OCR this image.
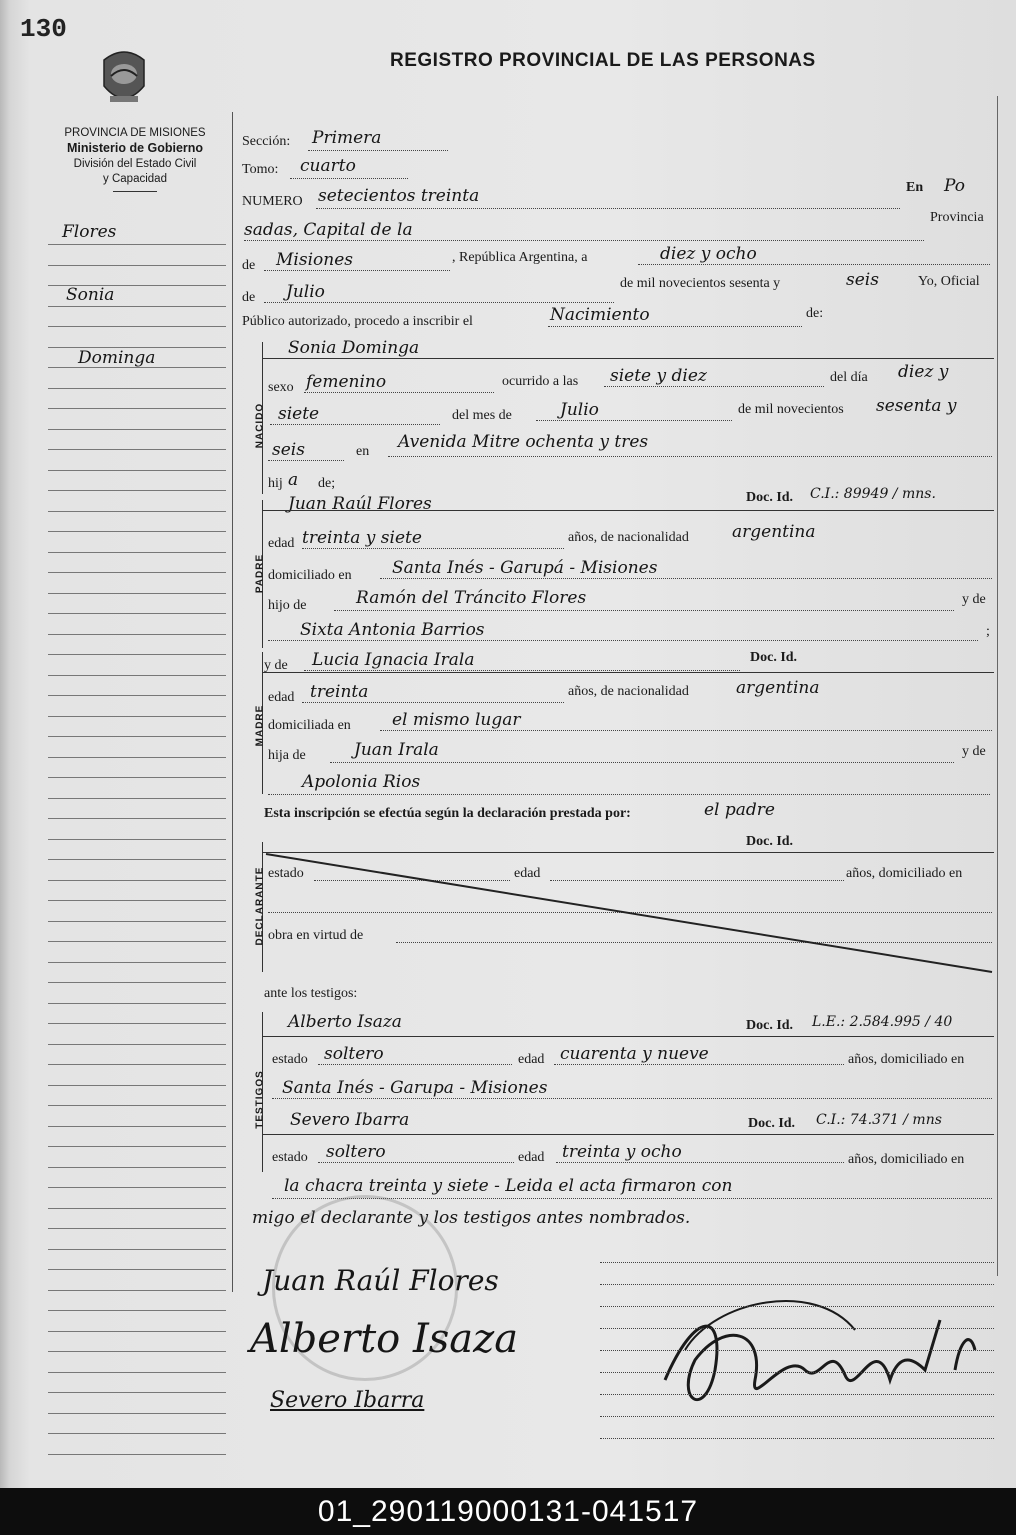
130
REGISTRO PROVINCIAL DE LAS PERSONAS
PROVINCIA DE MISIONES
Ministerio de Gobierno
División del Estado Civil
y Capacidad
Flores
Sonia
Dominga
Sección: Primera
Tomo: cuarto
NUMERO setecientos treinta	En Po
sadas, Capital de la
Provincia
de Misiones	, República Argentina, a	diez y ocho
de Julio	de mil novecientos sesenta y	seis	Yo, Oficial
Público autorizado, procedo a inscribir el	Nacimiento	de:
NACIDO
Sonia Dominga
sexo femenino	ocurrido a las siete y diez	del día diez y
siete	del mes de	Julio	de mil novecientos sesenta y
seis	en Avenida Mitre ochenta y tres
hij a de;
PADRE
Juan Raúl Flores	Doc. Id. C.I.: 89949 / mns.
edad treinta y siete	años, de nacionalidad	argentina
domiciliado en Santa Inés - Garupá - Misiones
hijo de	Ramón del Tráncito Flores	y de
Sixta Antonia Barrios	;
MADRE
y de Lucia Ignacia Irala	Doc. Id.
edad treinta	años, de nacionalidad	argentina
domiciliada en el mismo lugar
hija de	Juan Irala	y de
Apolonia Rios
Esta inscripción se efectúa según la declaración prestada por:	el padre
DECLARANTE
Doc. Id.
estado	edad	años, domiciliado en
obra en virtud de
ante los testigos:
TESTIGOS
Alberto Isaza	Doc. Id. L.E.: 2.584.995 / 40
estado soltero	edad cuarenta y nueve	años, domiciliado en
Santa Inés - Garupa - Misiones
Severo Ibarra	Doc. Id. C.I.: 74.371 / mns
estado soltero	edad treinta y ocho	años, domiciliado en
la chacra treinta y siete - Leida el acta firmaron con
migo el declarante y los testigos antes nombrados.
Juan Raúl Flores
Alberto Isaza
Severo Ibarra
01_290119000131-041517
